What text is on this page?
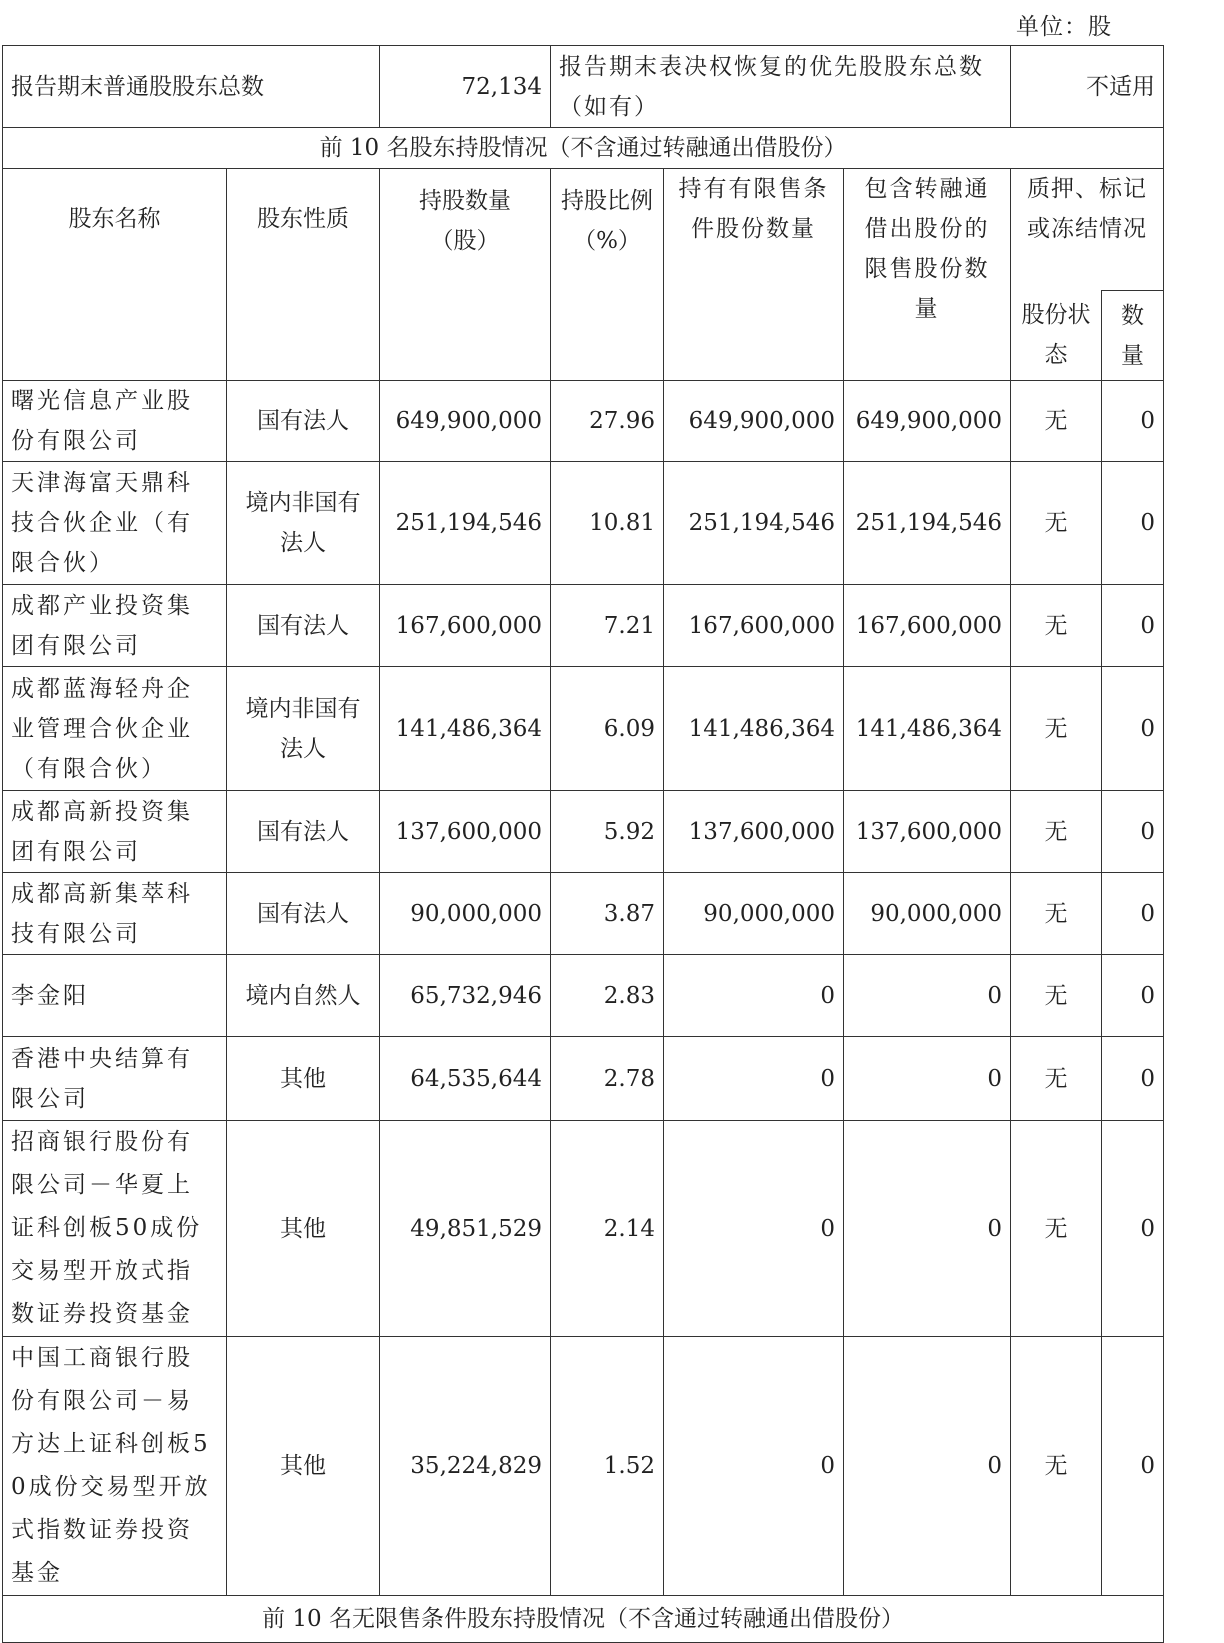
单位：股
报告期末普通股股东总数		72,134	报告期末表决权恢复的优先股股东总数（如有）			不适用	
前 10 名股东持股情况（不含通过转融通出借股份）							
股东名称	股东性质	持股数量（股）	持股比例（%）	持有有限售条件股份数量	包含转融通借出股份的限售股份数量	质押、标记或冻结情况	
						股份状态	数量
曙光信息产业股份有限公司	国有法人	649,900,000	27.96	649,900,000	649,900,000	无	0
天津海富天鼎科技合伙企业（有限合伙）	境内非国有法人	251,194,546	10.81	251,194,546	251,194,546	无	0
成都产业投资集团有限公司	国有法人	167,600,000	7.21	167,600,000	167,600,000	无	0
成都蓝海轻舟企业管理合伙企业（有限合伙）	境内非国有法人	141,486,364	6.09	141,486,364	141,486,364	无	0
成都高新投资集团有限公司	国有法人	137,600,000	5.92	137,600,000	137,600,000	无	0
成都高新集萃科技有限公司	国有法人	90,000,000	3.87	90,000,000	90,000,000	无	0
李金阳	境内自然人	65,732,946	2.83	0	0	无	0
香港中央结算有限公司	其他	64,535,644	2.78	0	0	无	0
招商银行股份有限公司－华夏上证科创板50成份交易型开放式指数证券投资基金	其他	49,851,529	2.14	0	0	无	0
中国工商银行股份有限公司－易方达上证科创板50成份交易型开放式指数证券投资基金	其他	35,224,829	1.52	0	0	无	0
前 10 名无限售条件股东持股情况（不含通过转融通出借股份）							
